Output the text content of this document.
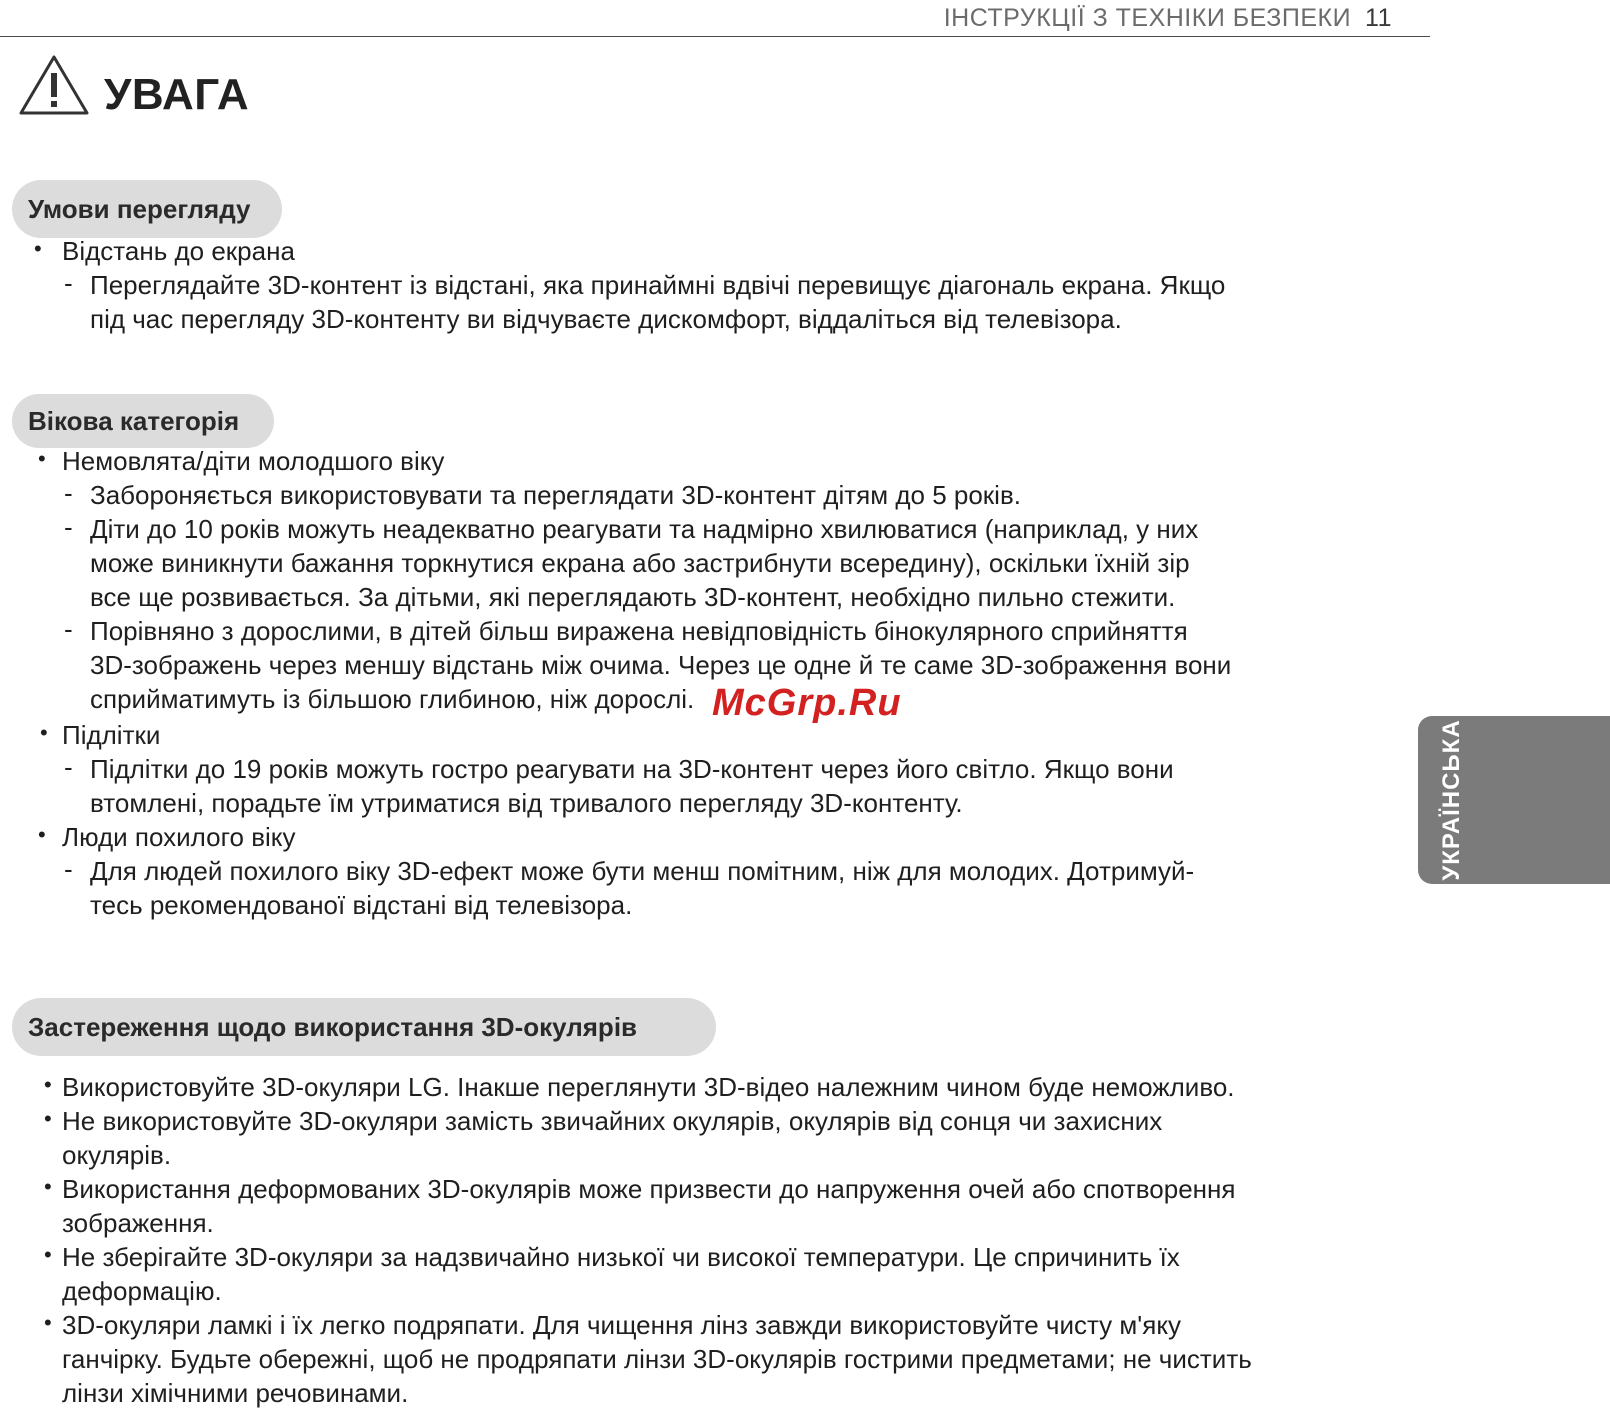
ІНСТРУКЦІЇ З ТЕХНІКИ БЕЗПЕКИ 11
УВАГА
Умови перегляду
• Відстань до екрана
- Переглядайте 3D-контент із відстані, яка принаймні вдвічі перевищує діагональ екрана. Якщо
під час перегляду 3D-контенту ви відчуваєте дискомфорт, віддаліться від телевізора.
Вікова категорія
• Немовлята/діти молодшого віку
- Забороняється використовувати та переглядати 3D-контент дітям до 5 років.
- Діти до 10 років можуть неадекватно реагувати та надмірно хвилюватися (наприклад, у них
може виникнути бажання торкнутися екрана або застрибнути всередину), оскільки їхній зір
все ще розвивається. За дітьми, які переглядають 3D-контент, необхідно пильно стежити.
- Порівняно з дорослими, в дітей більш виражена невідповідність бінокулярного сприйняття
3D-зображень через меншу відстань між очима. Через це одне й те саме 3D-зображення вони
сприйматимуть із більшою глибиною, ніж дорослі.
• Підлітки
- Підлітки до 19 років можуть гостро реагувати на 3D-контент через його світло. Якщо вони
втомлені, порадьте їм утриматися від тривалого перегляду 3D-контенту.
• Люди похилого віку
- Для людей похилого віку 3D-ефект може бути менш помітним, ніж для молодих. Дотримуй-
тесь рекомендованої відстані від телевізора.
Застереження щодо використання 3D-окулярів
• Використовуйте 3D-окуляри LG. Інакше переглянути 3D-відео належним чином буде неможливо.
• Не використовуйте 3D-окуляри замість звичайних окулярів, окулярів від сонця чи захисних
окулярів.
• Використання деформованих 3D-окулярів може призвести до напруження очей або спотворення
зображення.
• Не зберігайте 3D-окуляри за надзвичайно низької чи високої температури. Це спричинить їх
деформацію.
• 3D-окуляри ламкі і їх легко подряпати. Для чищення лінз завжди використовуйте чисту м'яку
ганчірку. Будьте обережні, щоб не продряпати лінзи 3D-окулярів гострими предметами; не чистить
лінзи хімічними речовинами.
УКРАЇНСЬКА
McGrp.Ru
